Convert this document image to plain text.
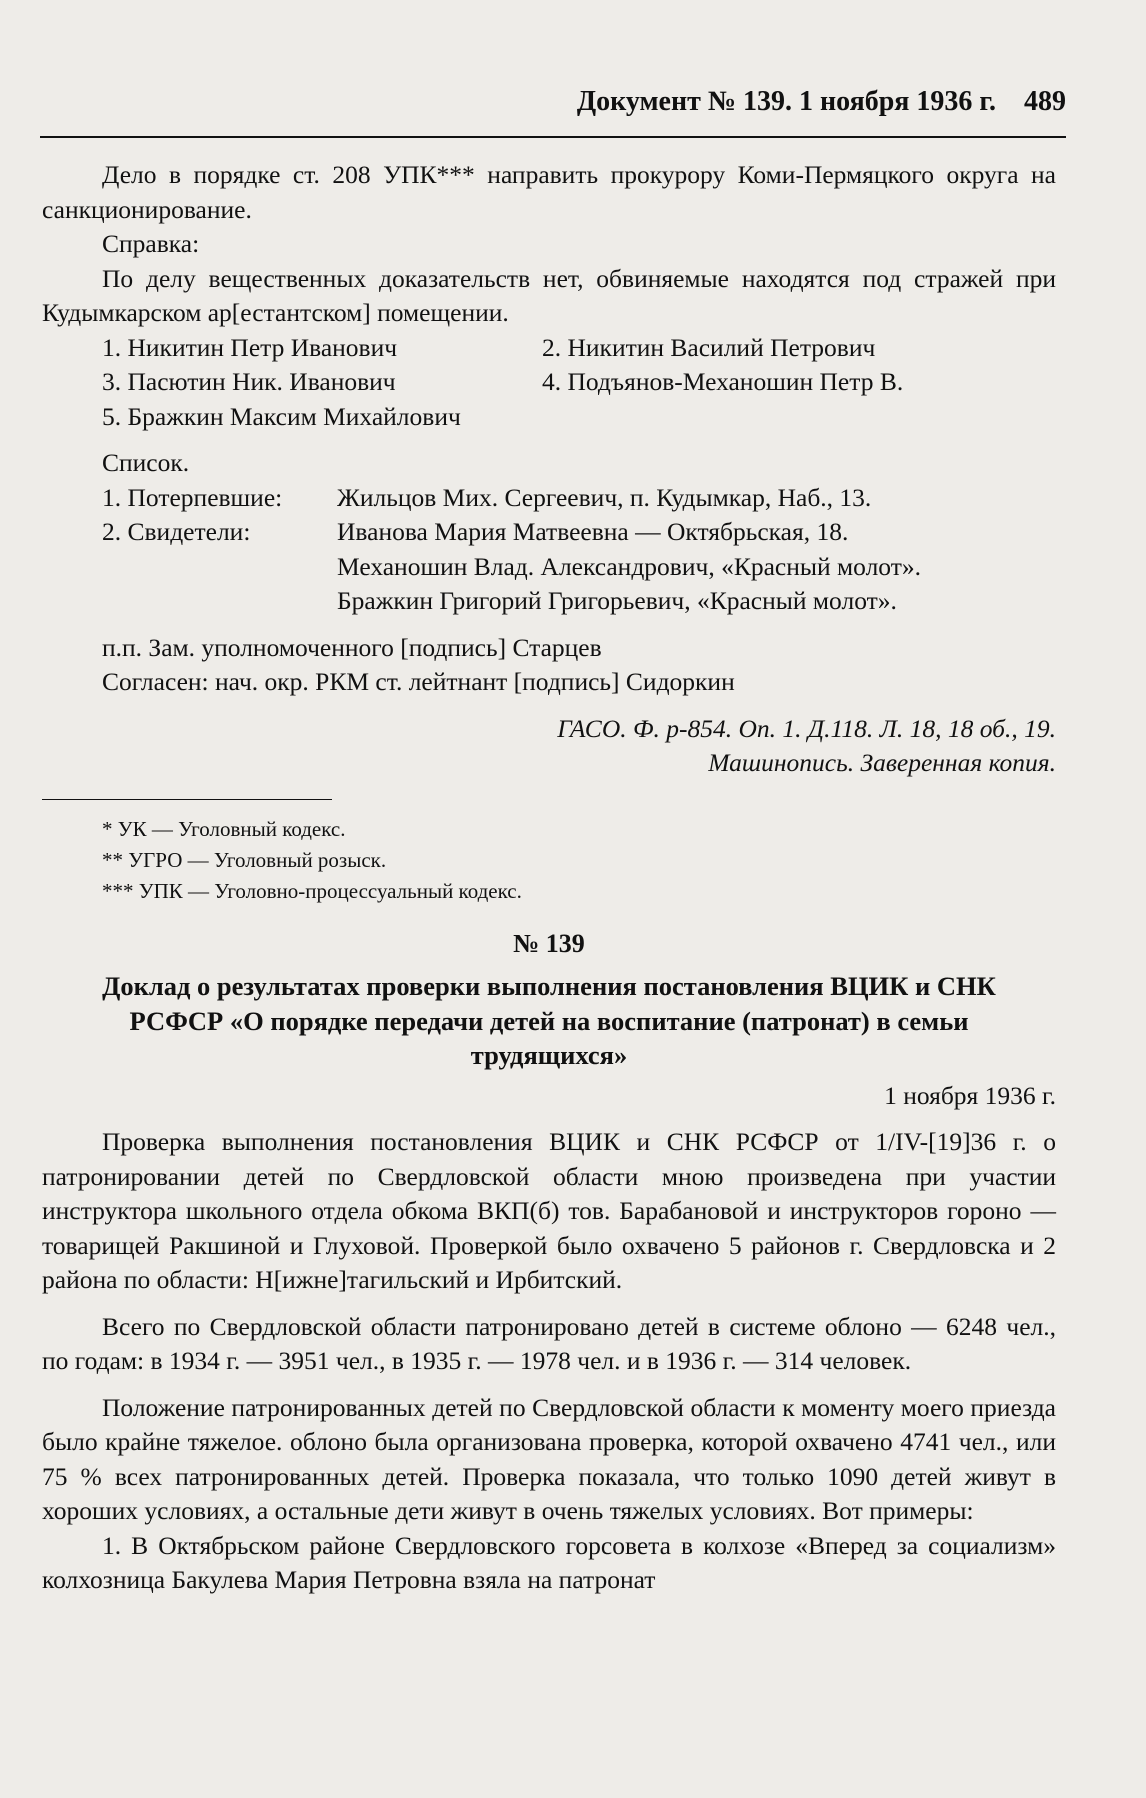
Документ № 139. 1 ноября 1936 г. 489

Дело в порядке ст. 208 УПК*** направить прокурору Коми-Пермяцкого округа на санкционирование.

Справка:

По делу вещественных доказательств нет, обвиняемые находятся под стражей при Кудымкарском ар[естантском] помещении.

1. Никитин Петр Иванович	2. Никитин Василий Петрович
3. Пасютин Ник. Иванович	4. Подъянов-Механошин Петр В.
5. Бражкин Максим Михайлович

Список.

1. Потерпевшие:	Жильцов Мих. Сергеевич, п. Кудымкар, Наб., 13.
2. Свидетели:	Иванова Мария Матвеевна — Октябрьская, 18.
Механошин Влад. Александрович, «Красный молот».
Бражкин Григорий Григорьевич, «Красный молот».

п.п. Зам. уполномоченного [подпись] Старцев

Согласен: нач. окр. РКМ ст. лейтнант [подпись] Сидоркин

ГАСО. Ф. р-854. Оп. 1. Д.118. Л. 18, 18 об., 19.

Машинопись. Заверенная копия.

* УК — Уголовный кодекс.

** УГРО — Уголовный розыск.

*** УПК — Уголовно-процессуальный кодекс.

№ 139

Доклад о результатах проверки выполнения постановления ВЦИК и СНК РСФСР «О порядке передачи детей на воспитание (патронат) в семьи трудящихся»

1 ноября 1936 г.

Проверка выполнения постановления ВЦИК и СНК РСФСР от 1/IV-[19]36 г. о патронировании детей по Свердловской области мною произведена при участии инструктора школьного отдела обкома ВКП(б) тов. Барабановой и инструкторов гороно — товарищей Ракшиной и Глуховой. Проверкой было охвачено 5 районов г. Свердловска и 2 района по области: Н[ижне]тагильский и Ирбитский.

Всего по Свердловской области патронировано детей в системе облоно — 6248 чел., по годам: в 1934 г. — 3951 чел., в 1935 г. — 1978 чел. и в 1936 г. — 314 человек.

Положение патронированных детей по Свердловской области к моменту моего приезда было крайне тяжелое. облоно была организована проверка, которой охвачено 4741 чел., или 75 % всех патронированных детей. Проверка показала, что только 1090 детей живут в хороших условиях, а остальные дети живут в очень тяжелых условиях. Вот примеры:

1. В Октябрьском районе Свердловского горсовета в колхозе «Вперед за социализм» колхозница Бакулева Мария Петровна взяла на патронат
